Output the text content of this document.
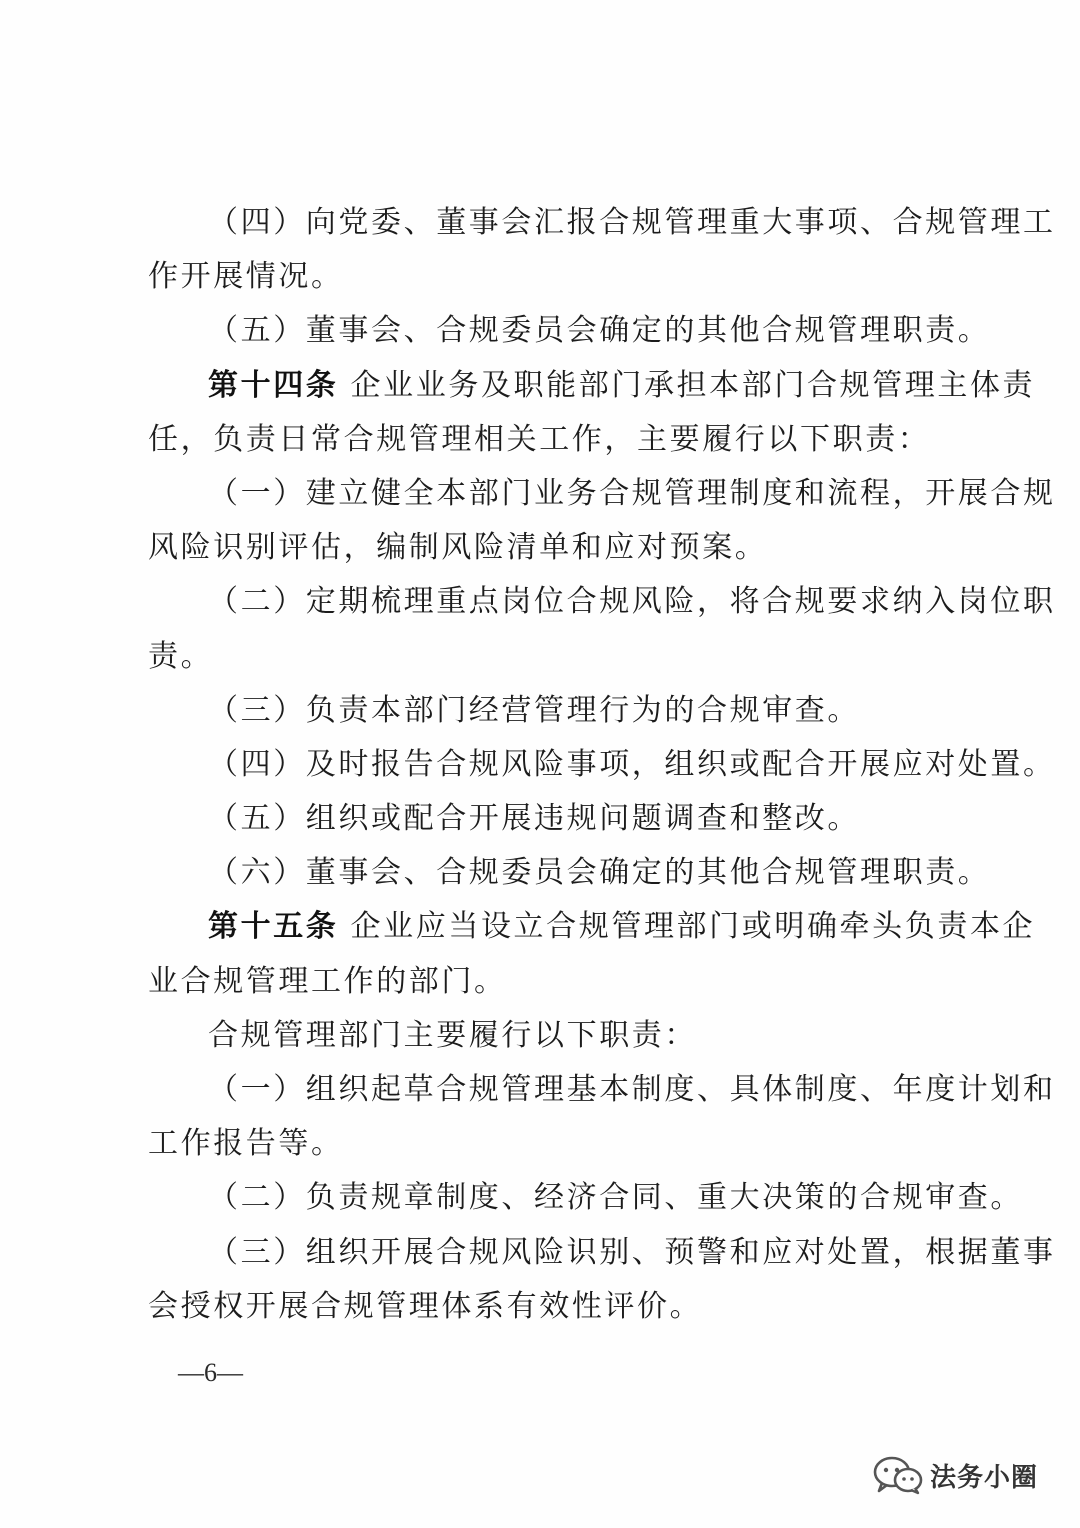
（四）向党委、董事会汇报合规管理重大事项、合规管理工
作开展情况。
（五）董事会、合规委员会确定的其他合规管理职责。
第十四条 企业业务及职能部门承担本部门合规管理主体责
任，负责日常合规管理相关工作，主要履行以下职责：
（一）建立健全本部门业务合规管理制度和流程，开展合规
风险识别评估，编制风险清单和应对预案。
（二）定期梳理重点岗位合规风险，将合规要求纳入岗位职
责。
（三）负责本部门经营管理行为的合规审查。
（四）及时报告合规风险事项，组织或配合开展应对处置。
（五）组织或配合开展违规问题调查和整改。
（六）董事会、合规委员会确定的其他合规管理职责。
第十五条 企业应当设立合规管理部门或明确牵头负责本企
业合规管理工作的部门。
合规管理部门主要履行以下职责：
（一）组织起草合规管理基本制度、具体制度、年度计划和
工作报告等。
（二）负责规章制度、经济合同、重大决策的合规审查。
（三）组织开展合规风险识别、预警和应对处置，根据董事
会授权开展合规管理体系有效性评价。
—6—
法务小圈
